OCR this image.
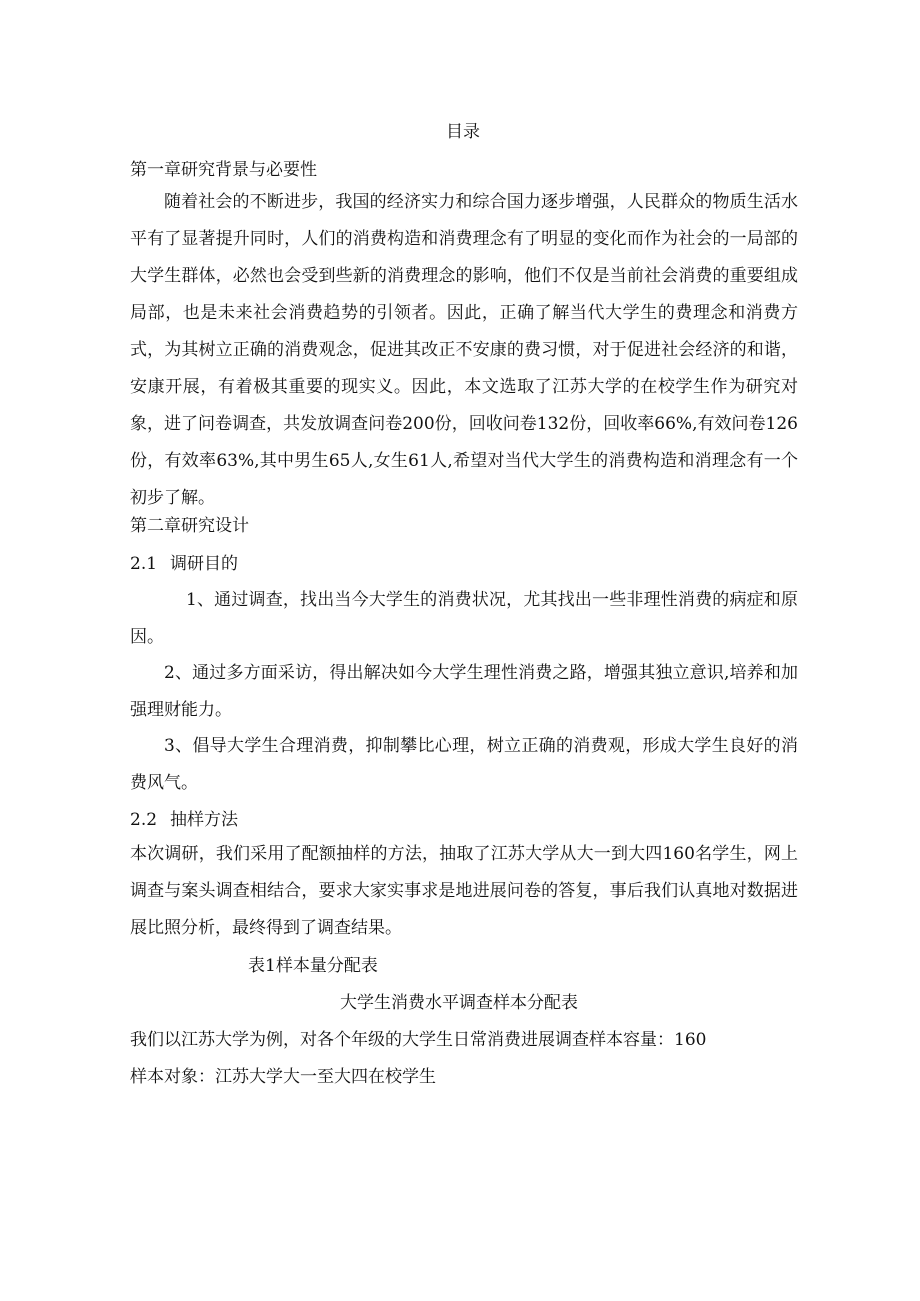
目录
第一章研究背景与必要性
随着社会的不断进步，我国的经济实力和综合国力逐步增强，人民群众的物质生活水平有了显著提升同时，人们的消费构造和消费理念有了明显的变化而作为社会的一局部的大学生群体，必然也会受到些新的消费理念的影响，他们不仅是当前社会消费的重要组成局部，也是未来社会消费趋势的引领者。因此，正确了解当代大学生的费理念和消费方式，为其树立正确的消费观念，促进其改正不安康的费习惯，对于促进社会经济的和谐，安康开展，有着极其重要的现实义。因此，本文选取了江苏大学的在校学生作为研究对象，进了问卷调查，共发放调查问卷200份，回收问卷132份，回收率66%,有效问卷126份，有效率63%,其中男生65人,女生61人,希望对当代大学生的消费构造和消理念有一个初步了解。
第二章研究设计
2.1 调研目的
1、通过调查，找出当今大学生的消费状况，尤其找出一些非理性消费的病症和原因。
2、通过多方面采访，得出解决如今大学生理性消费之路，增强其独立意识,培养和加强理财能力。
3、倡导大学生合理消费，抑制攀比心理，树立正确的消费观，形成大学生良好的消费风气。
2.2 抽样方法
本次调研，我们采用了配额抽样的方法，抽取了江苏大学从大一到大四160名学生，网上调查与案头调查相结合，要求大家实事求是地进展问卷的答复，事后我们认真地对数据进展比照分析，最终得到了调查结果。
表1样本量分配表
大学生消费水平调查样本分配表
我们以江苏大学为例，对各个年级的大学生日常消费进展调查样本容量：160
样本对象：江苏大学大一至大四在校学生
